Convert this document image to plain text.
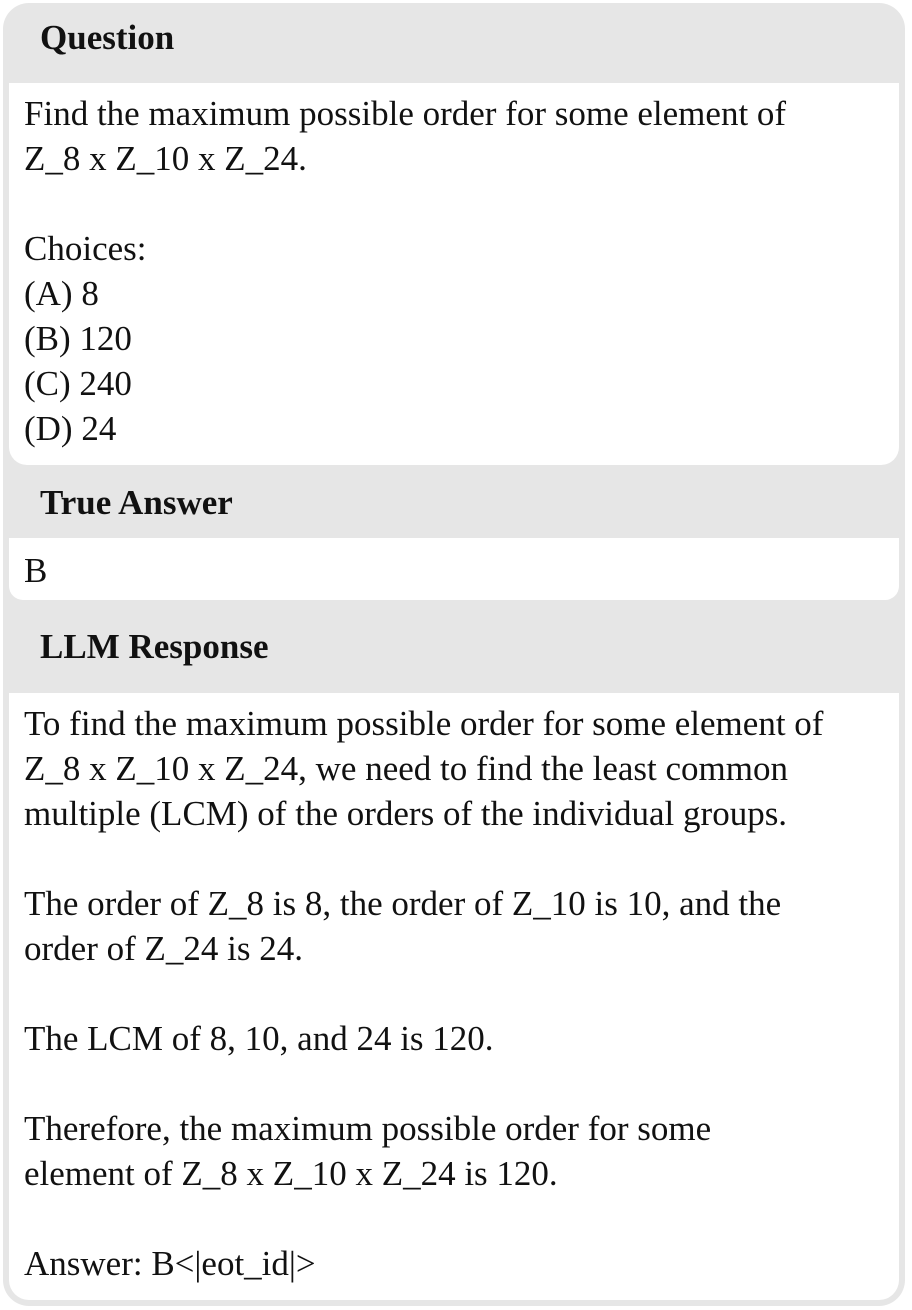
Question
Find the maximum possible order for some element of
Z_8 x Z_10 x Z_24.
Choices:
(A) 8
(B) 120
(C) 240
(D) 24
True Answer
B
LLM Response
To find the maximum possible order for some element of
Z_8 x Z_10 x Z_24, we need to find the least common
multiple (LCM) of the orders of the individual groups.
The order of Z_8 is 8, the order of Z_10 is 10, and the
order of Z_24 is 24.
The LCM of 8, 10, and 24 is 120.
Therefore, the maximum possible order for some
element of Z_8 x Z_10 x Z_24 is 120.
Answer: B<|eot_id|>
